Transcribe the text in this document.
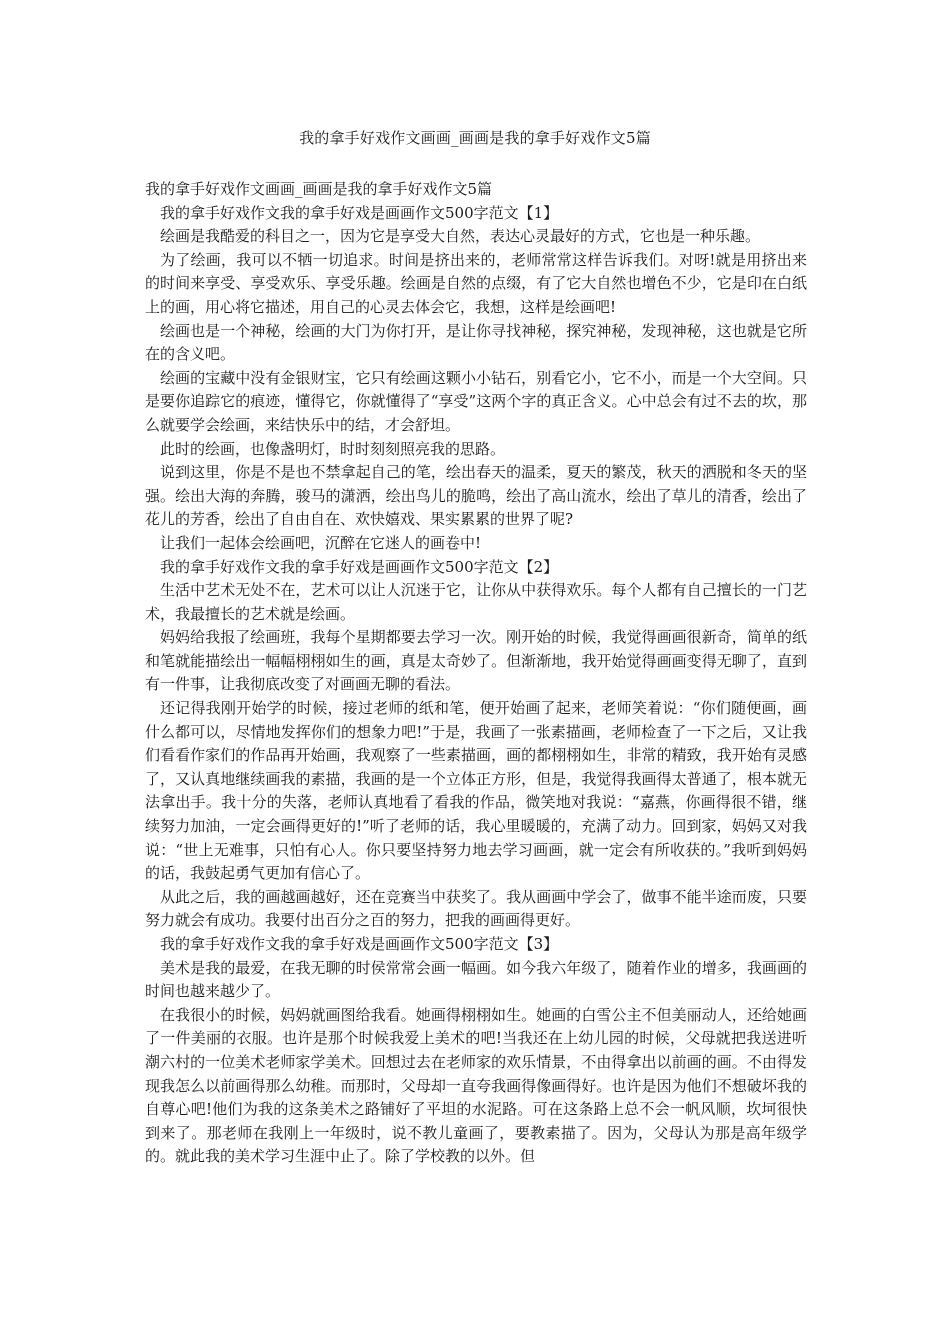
我的拿手好戏作文画画_画画是我的拿手好戏作文5篇

我的拿手好戏作文画画_画画是我的拿手好戏作文5篇

我的拿手好戏作文我的拿手好戏是画画作文500字范文【1】

绘画是我酷爱的科目之一，因为它是享受大自然，表达心灵最好的方式，它也是一种乐趣。

为了绘画，我可以不牺一切追求。时间是挤出来的，老师常常这样告诉我们。对呀!就是用挤出来的时间来享受、享受欢乐、享受乐趣。绘画是自然的点缀，有了它大自然也增色不少，它是印在白纸上的画，用心将它描述，用自己的心灵去体会它，我想，这样是绘画吧!

绘画也是一个神秘，绘画的大门为你打开，是让你寻找神秘，探究神秘，发现神秘，这也就是它所在的含义吧。

绘画的宝藏中没有金银财宝，它只有绘画这颗小小钻石，别看它小，它不小，而是一个大空间。只是要你追踪它的痕迹，懂得它，你就懂得了“享受”这两个字的真正含义。心中总会有过不去的坎，那么就要学会绘画，来结快乐中的结，才会舒坦。

此时的绘画，也像盏明灯，时时刻刻照亮我的思路。

说到这里，你是不是也不禁拿起自己的笔，绘出春天的温柔，夏天的繁茂，秋天的洒脱和冬天的坚强。绘出大海的奔腾，骏马的潇洒，绘出鸟儿的脆鸣，绘出了高山流水，绘出了草儿的清香，绘出了花儿的芳香，绘出了自由自在、欢快嬉戏、果实累累的世界了呢?

让我们一起体会绘画吧，沉醉在它迷人的画卷中!

我的拿手好戏作文我的拿手好戏是画画作文500字范文【2】

生活中艺术无处不在，艺术可以让人沉迷于它，让你从中获得欢乐。每个人都有自己擅长的一门艺术，我最擅长的艺术就是绘画。

妈妈给我报了绘画班，我每个星期都要去学习一次。刚开始的时候，我觉得画画很新奇，简单的纸和笔就能描绘出一幅幅栩栩如生的画，真是太奇妙了。但渐渐地，我开始觉得画画变得无聊了，直到有一件事，让我彻底改变了对画画无聊的看法。

还记得我刚开始学的时候，接过老师的纸和笔，便开始画了起来，老师笑着说：“你们随便画，画什么都可以，尽情地发挥你们的想象力吧!”于是，我画了一张素描画，老师检查了一下之后，又让我们看看作家们的作品再开始画，我观察了一些素描画，画的都栩栩如生，非常的精致，我开始有灵感了，又认真地继续画我的素描，我画的是一个立体正方形，但是，我觉得我画得太普通了，根本就无法拿出手。我十分的失落，老师认真地看了看我的作品，微笑地对我说：“嘉燕，你画得很不错，继续努力加油，一定会画得更好的!”听了老师的话，我心里暖暖的，充满了动力。回到家，妈妈又对我说：“世上无难事，只怕有心人。你只要坚持努力地去学习画画，就一定会有所收获的。”我听到妈妈的话，我鼓起勇气更加有信心了。

从此之后，我的画越画越好，还在竞赛当中获奖了。我从画画中学会了，做事不能半途而废，只要努力就会有成功。我要付出百分之百的努力，把我的画画得更好。

我的拿手好戏作文我的拿手好戏是画画作文500字范文【3】

美术是我的最爱，在我无聊的时侯常常会画一幅画。如今我六年级了，随着作业的增多，我画画的时间也越来越少了。

在我很小的时候，妈妈就画图给我看。她画得栩栩如生。她画的白雪公主不但美丽动人，还给她画了一件美丽的衣服。也许是那个时候我爱上美术的吧!当我还在上幼儿园的时候，父母就把我送进听潮六村的一位美术老师家学美术。回想过去在老师家的欢乐情景，不由得拿出以前画的画。不由得发现我怎么以前画得那么幼稚。而那时，父母却一直夸我画得像画得好。也许是因为他们不想破坏我的自尊心吧!他们为我的这条美术之路铺好了平坦的水泥路。可在这条路上总不会一帆风顺，坎坷很快到来了。那老师在我刚上一年级时，说不教儿童画了，要教素描了。因为，父母认为那是高年级学的。就此我的美术学习生涯中止了。除了学校教的以外。但
